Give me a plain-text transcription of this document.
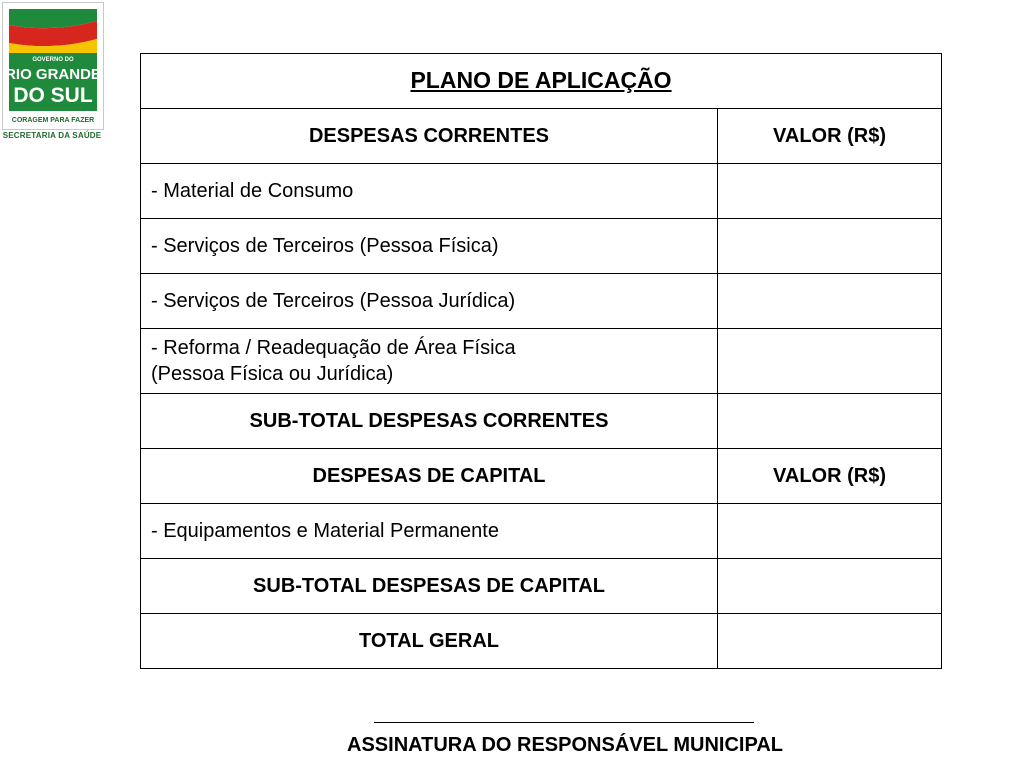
GOVERNO DO
RIO GRANDE
DO SUL
CORAGEM PARA FAZER
SECRETARIA DA SAÚDE
PLANO DE APLICAÇÃO	
DESPESAS CORRENTES	VALOR (R$)
- Material de Consumo	
- Serviços de Terceiros (Pessoa Física)	
- Serviços de Terceiros (Pessoa Jurídica)	

- Reforma / Readequação de Área Física
(Pessoa Física ou Jurídica)	

SUB-TOTAL DESPESAS CORRENTES	
DESPESAS DE CAPITAL	VALOR (R$)
- Equipamentos e Material Permanente	
SUB-TOTAL DESPESAS DE CAPITAL	
TOTAL GERAL	
ASSINATURA DO RESPONSÁVEL MUNICIPAL
